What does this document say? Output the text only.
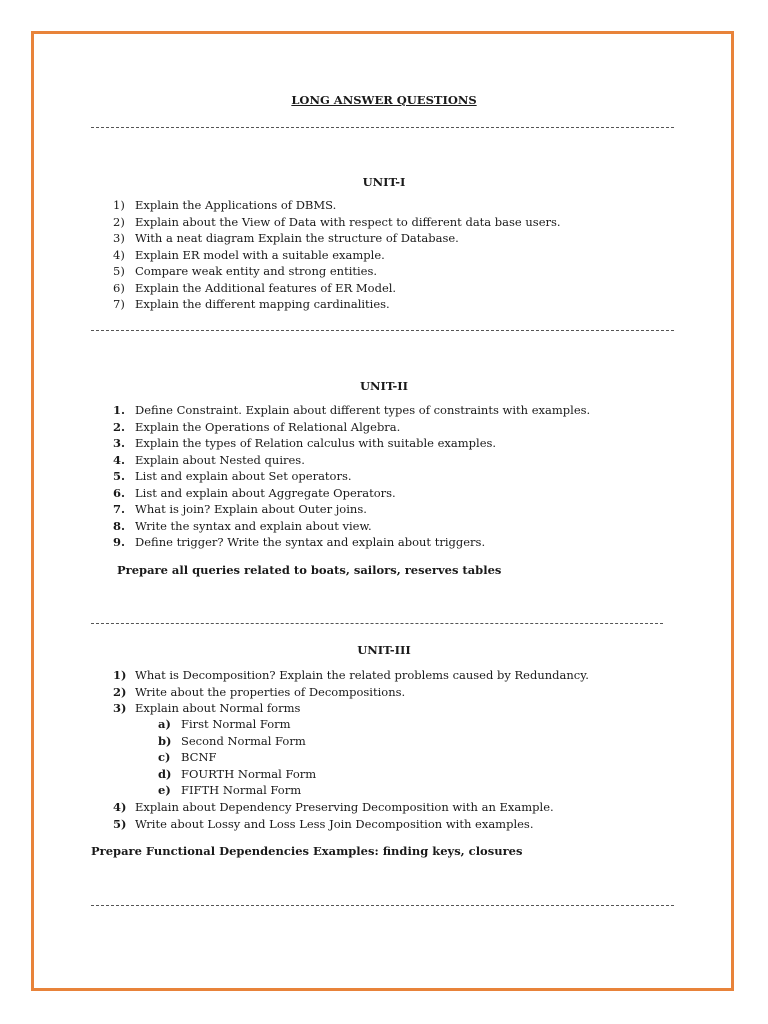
LONG ANSWER QUESTIONS
UNIT-I
1) Explain the Applications of DBMS.
2) Explain about the View of Data with respect to different data base users.
3) With a neat diagram Explain the structure of Database.
4) Explain ER model with a suitable example.
5) Compare weak entity and strong entities.
6) Explain the Additional features of ER Model.
7) Explain the different mapping cardinalities.
UNIT-II
1. Define Constraint. Explain about different types of constraints with examples.
2. Explain the Operations of Relational Algebra.
3. Explain the types of Relation calculus with suitable examples.
4. Explain about Nested quires.
5. List and explain about Set operators.
6. List and explain about Aggregate Operators.
7. What is join? Explain about Outer joins.
8. Write the syntax and explain about view.
9. Define trigger? Write the syntax and explain about triggers.
Prepare all queries related to boats, sailors, reserves tables
UNIT-III
1) What is Decomposition? Explain the related problems caused by Redundancy.
2) Write about the properties of Decompositions.
3) Explain about Normal forms
a) First Normal Form
b) Second Normal Form
c) BCNF
d) FOURTH Normal Form
e) FIFTH Normal Form
4) Explain about Dependency Preserving Decomposition with an Example.
5) Write about Lossy and Loss Less Join Decomposition with examples.
Prepare Functional Dependencies Examples: finding keys, closures
